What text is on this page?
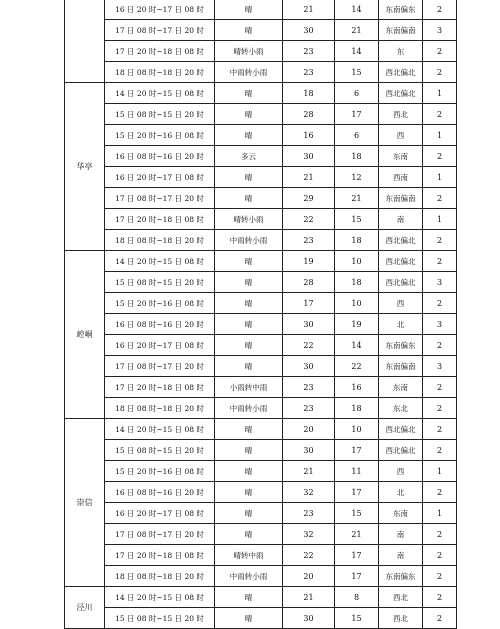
	16 日 20 时~17 日 08 时	晴	21	14	东南偏东	2
	17 日 08 时~17 日 20 时	晴	30	21	东南偏南	3
	17 日 20 时~18 日 08 时	晴转小雨	23	14	东	2
	18 日 08 时~18 日 20 时	中雨转小雨	23	15	西北偏北	2
华亭	14 日 20 时~15 日 08 时	晴	18	6	西北偏北	1
	15 日 08 时~15 日 20 时	晴	28	17	西北	2
	15 日 20 时~16 日 08 时	晴	16	6	西	1
	16 日 08 时~16 日 20 时	多云	30	18	东南	2
	16 日 20 时~17 日 08 时	晴	21	12	西南	1
	17 日 08 时~17 日 20 时	晴	29	21	东南偏南	2
	17 日 20 时~18 日 08 时	晴转小雨	22	15	南	1
	18 日 08 时~18 日 20 时	中雨转小雨	23	18	西北偏北	2
崆峒	14 日 20 时~15 日 08 时	晴	19	10	西北偏北	2
	15 日 08 时~15 日 20 时	晴	28	18	西北偏北	3
	15 日 20 时~16 日 08 时	晴	17	10	西	2
	16 日 08 时~16 日 20 时	晴	30	19	北	3
	16 日 20 时~17 日 08 时	晴	22	14	东南偏东	2
	17 日 08 时~17 日 20 时	晴	30	22	东南偏南	3
	17 日 20 时~18 日 08 时	小雨转中雨	23	16	东南	2
	18 日 08 时~18 日 20 时	中雨转小雨	23	18	东北	2
崇信	14 日 20 时~15 日 08 时	晴	20	10	西北偏北	2
	15 日 08 时~15 日 20 时	晴	30	17	西北偏北	2
	15 日 20 时~16 日 08 时	晴	21	11	西	1
	16 日 08 时~16 日 20 时	晴	32	17	北	2
	16 日 20 时~17 日 08 时	晴	23	15	东南	1
	17 日 08 时~17 日 20 时	晴	32	21	南	2
	17 日 20 时~18 日 08 时	晴转中雨	22	17	南	2
	18 日 08 时~18 日 20 时	中雨转小雨	20	17	东南偏东	2
泾川	14 日 20 时~15 日 08 时	晴	21	8	西北	2
	15 日 08 时~15 日 20 时	晴	30	15	西北	2
